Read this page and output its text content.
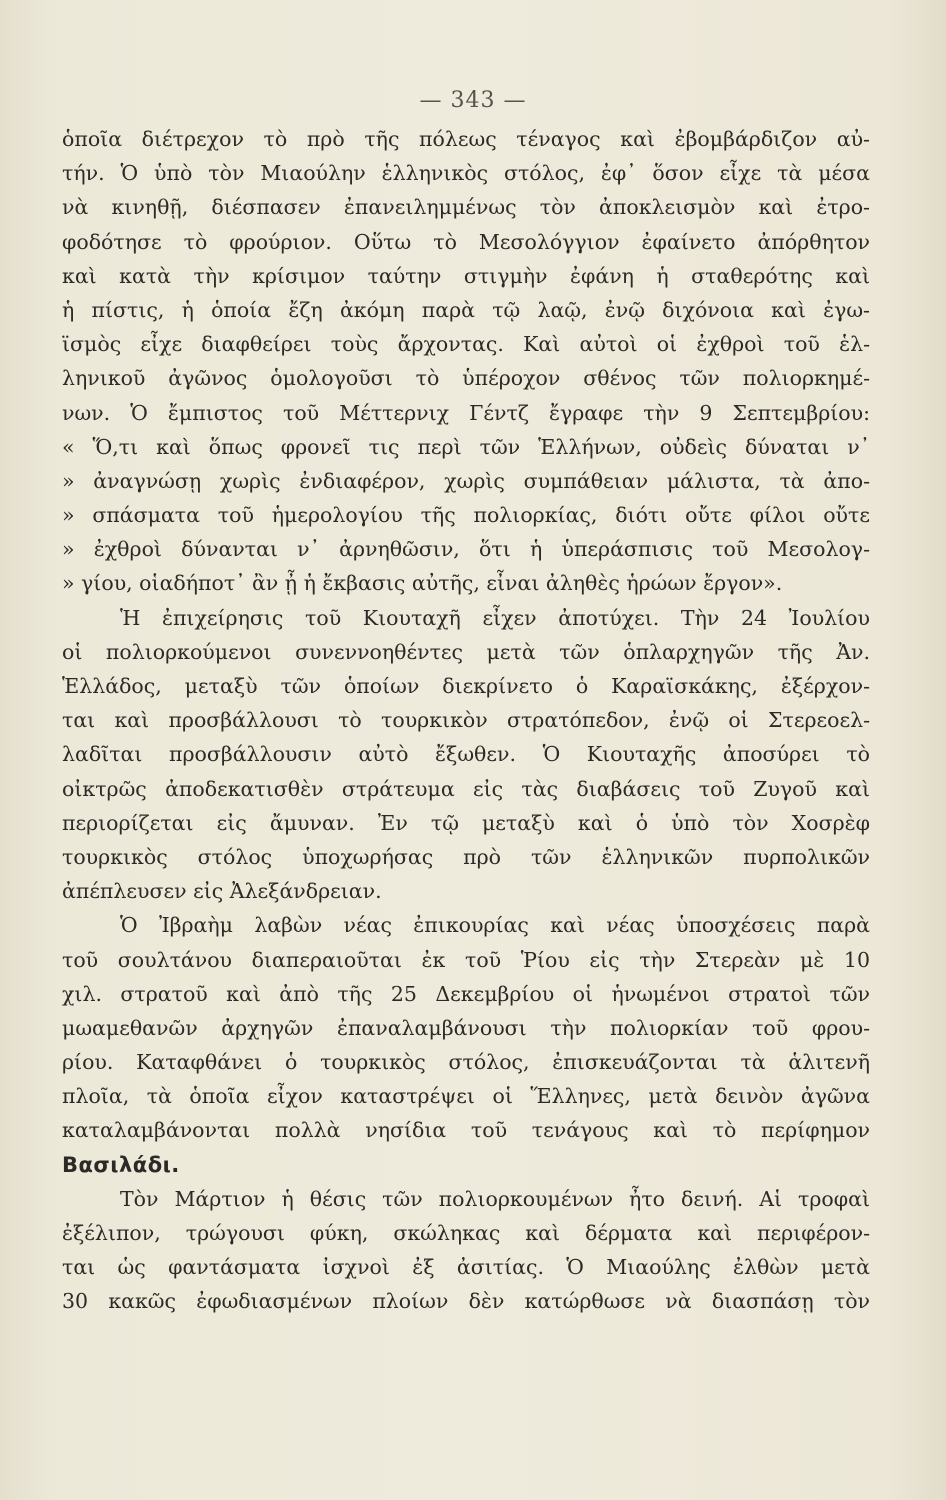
— 343 —
ὁποῖα διέτρεχον τὸ πρὸ τῆς πόλεως τέναγος καὶ ἐβομβάρδιζον αὐ-
τήν. Ὁ ὑπὸ τὸν Μιαούλην ἑλληνικὸς στόλος, ἐφ᾽ ὅσον εἶχε τὰ μέσα
νὰ κινηθῇ, διέσπασεν ἐπανειλημμένως τὸν ἀποκλεισμὸν καὶ ἐτρο-
φοδότησε τὸ φρούριον. Οὕτω τὸ Μεσολόγγιον ἐφαίνετο ἀπόρθητον
καὶ κατὰ τὴν κρίσιμον ταύτην στιγμὴν ἐφάνη ἡ σταθερότης καὶ
ἡ πίστις, ἡ ὁποία ἔζη ἀκόμη παρὰ τῷ λαῷ, ἐνῷ διχόνοια καὶ ἐγω-
ϊσμὸς εἶχε διαφθείρει τοὺς ἄρχοντας. Καὶ αὐτοὶ οἱ ἐχθροὶ τοῦ ἑλ-
ληνικοῦ ἀγῶνος ὁμολογοῦσι τὸ ὑπέροχον σθένος τῶν πολιορκημέ-
νων. Ὁ ἔμπιστος τοῦ Μέττερνιχ Γέντζ ἔγραφε τὴν 9 Σεπτεμβρίου:
« Ὅ,τι καὶ ὅπως φρονεῖ τις περὶ τῶν Ἑλλήνων, οὐδεὶς δύναται ν᾽
» ἀναγνώσῃ χωρὶς ἐνδιαφέρον, χωρὶς συμπάθειαν μάλιστα, τὰ ἀπο-
» σπάσματα τοῦ ἡμερολογίου τῆς πολιορκίας, διότι οὔτε φίλοι οὔτε
» ἐχθροὶ δύνανται ν᾽ ἀρνηθῶσιν, ὅτι ἡ ὑπεράσπισις τοῦ Μεσολογ-
» γίου, οἱαδήποτ᾽ ἂν ᾖ ἡ ἔκβασις αὐτῆς, εἶναι ἀληθὲς ἡρώων ἔργον».
Ἡ ἐπιχείρησις τοῦ Κιουταχῆ εἶχεν ἀποτύχει. Τὴν 24 Ἰουλίου
οἱ πολιορκούμενοι συνεννοηθέντες μετὰ τῶν ὁπλαρχηγῶν τῆς Ἀν.
Ἑλλάδος, μεταξὺ τῶν ὁποίων διεκρίνετο ὁ Καραϊσκάκης, ἐξέρχον-
ται καὶ προσβάλλουσι τὸ τουρκικὸν στρατόπεδον, ἐνῷ οἱ Στερεοελ-
λαδῖται προσβάλλουσιν αὐτὸ ἔξωθεν. Ὁ Κιουταχῆς ἀποσύρει τὸ
οἰκτρῶς ἀποδεκατισθὲν στράτευμα εἰς τὰς διαβάσεις τοῦ Ζυγοῦ καὶ
περιορίζεται εἰς ἄμυναν. Ἐν τῷ μεταξὺ καὶ ὁ ὑπὸ τὸν Χοσρὲφ
τουρκικὸς στόλος ὑποχωρήσας πρὸ τῶν ἑλληνικῶν πυρπολικῶν
ἀπέπλευσεν εἰς Ἀλεξάνδρειαν.
Ὁ Ἰβραὴμ λαβὼν νέας ἐπικουρίας καὶ νέας ὑποσχέσεις παρὰ
τοῦ σουλτάνου διαπεραιοῦται ἐκ τοῦ Ῥίου εἰς τὴν Στερεὰν μὲ 10
χιλ. στρατοῦ καὶ ἀπὸ τῆς 25 Δεκεμβρίου οἱ ἡνωμένοι στρατοὶ τῶν
μωαμεθανῶν ἀρχηγῶν ἐπαναλαμβάνουσι τὴν πολιορκίαν τοῦ φρου-
ρίου. Καταφθάνει ὁ τουρκικὸς στόλος, ἐπισκευάζονται τὰ ἁλιτενῆ
πλοῖα, τὰ ὁποῖα εἶχον καταστρέψει οἱ Ἕλληνες, μετὰ δεινὸν ἀγῶνα
καταλαμβάνονται πολλὰ νησίδια τοῦ τενάγους καὶ τὸ περίφημον
Βασιλάδι.
Τὸν Μάρτιον ἡ θέσις τῶν πολιορκουμένων ἦτο δεινή. Αἱ τροφαὶ
ἐξέλιπον, τρώγουσι φύκη, σκώληκας καὶ δέρματα καὶ περιφέρον-
ται ὡς φαντάσματα ἰσχνοὶ ἐξ ἀσιτίας. Ὁ Μιαούλης ἐλθὼν μετὰ
30 κακῶς ἐφωδιασμένων πλοίων δὲν κατώρθωσε νὰ διασπάσῃ τὸν
